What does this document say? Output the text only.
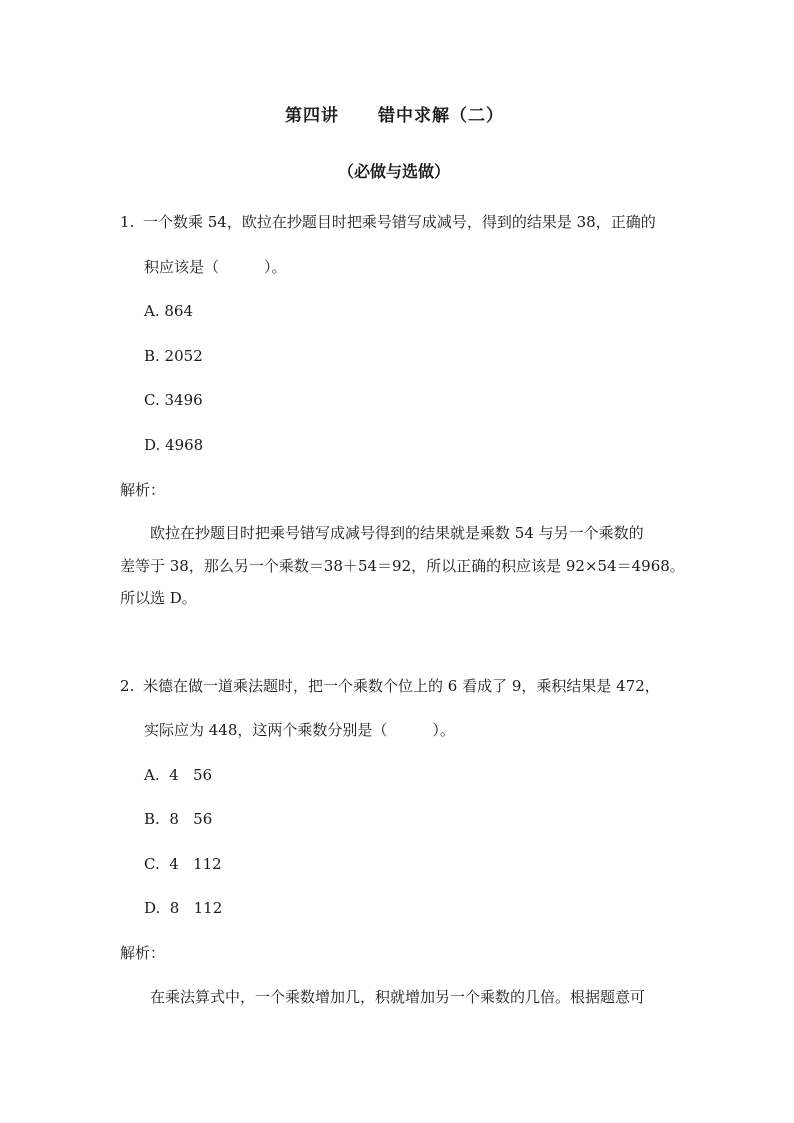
第四讲 错中求解（二）
（必做与选做）
1. 一个数乘 54，欧拉在抄题目时把乘号错写成减号，得到的结果是 38，正确的
积应该是（　　　）。
A. 864
B. 2052
C. 3496
D. 4968
解析：
欧拉在抄题目时把乘号错写成减号得到的结果就是乘数 54 与另一个乘数的
差等于 38，那么另一个乘数＝38＋54＝92，所以正确的积应该是 92×54＝4968。
所以选 D。
2. 米德在做一道乘法题时，把一个乘数个位上的 6 看成了 9，乘积结果是 472，
实际应为 448，这两个乘数分别是（　　　）。
A.  4   56
B.  8   56
C.  4   112
D.  8   112
解析：
在乘法算式中，一个乘数增加几，积就增加另一个乘数的几倍。根据题意可
